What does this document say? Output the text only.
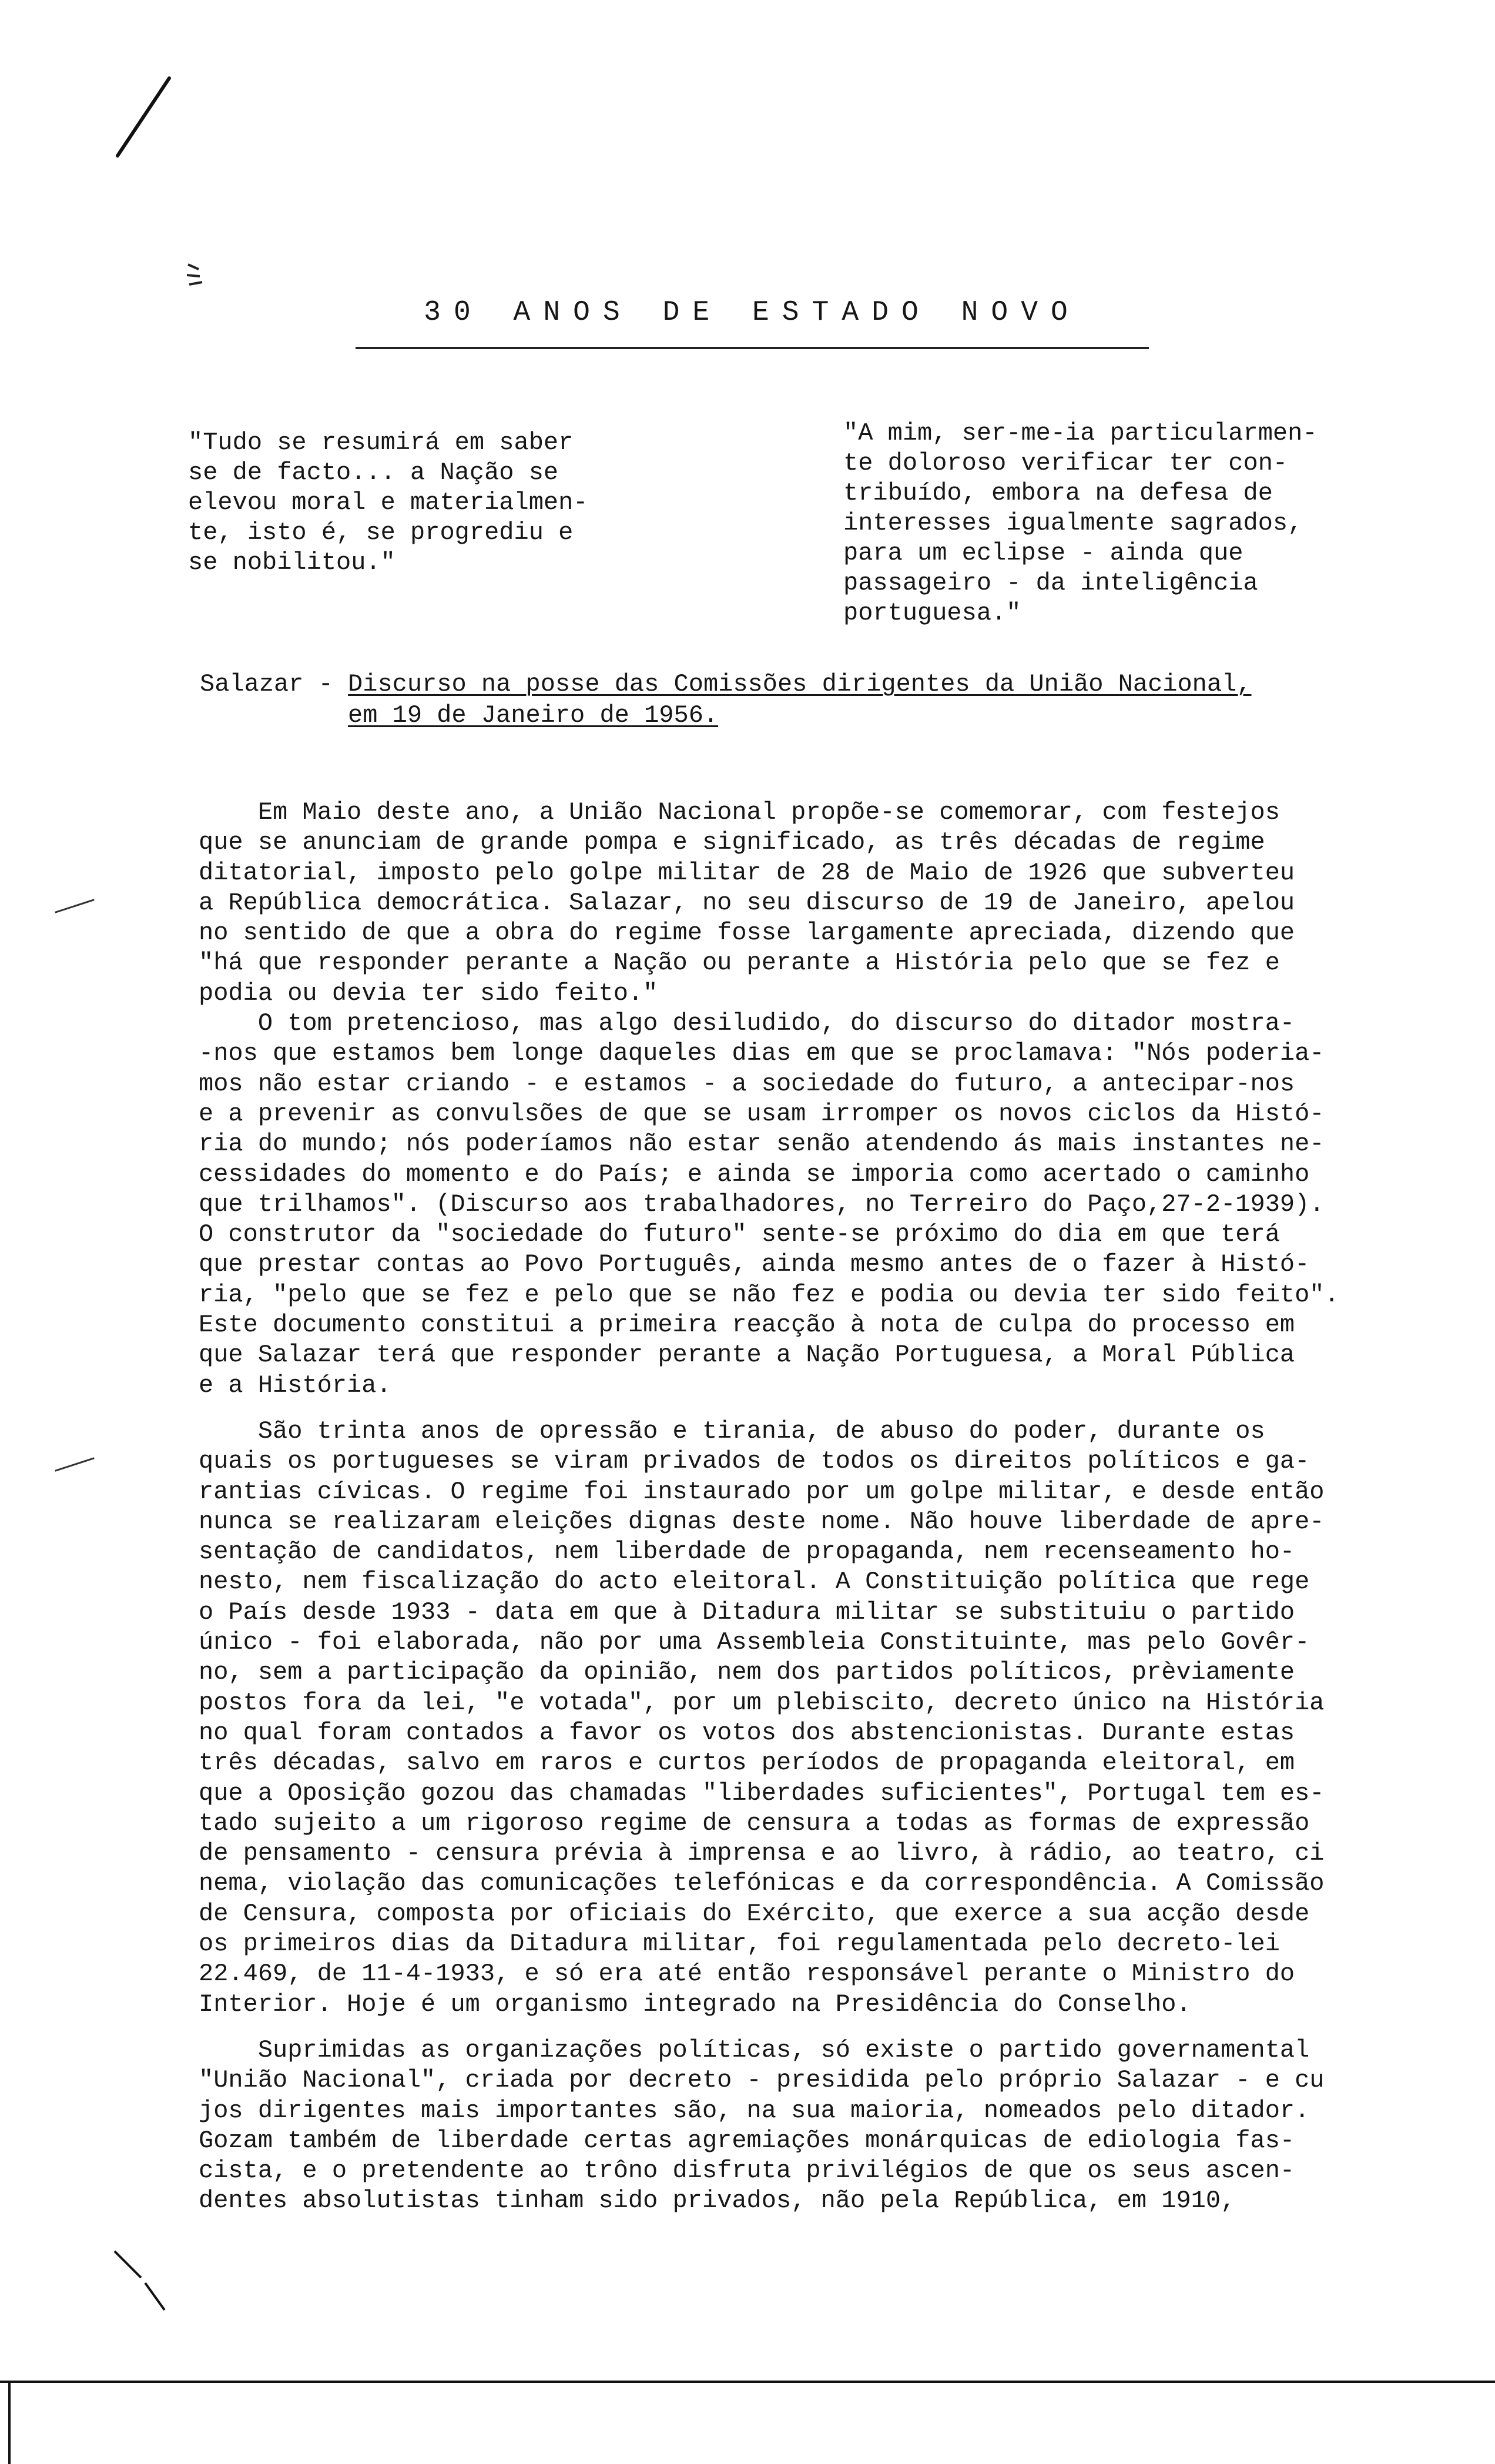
30 ANOS DE ESTADO NOVO
"Tudo se resumirá em saber
se de facto... a Nação se
elevou moral e materialmen-
te, isto é, se progrediu e
se nobilitou."
"A mim, ser-me-ia particularmen-
te doloroso verificar ter con-
tribuído, embora na defesa de
interesses igualmente sagrados,
para um eclipse - ainda que
passageiro - da inteligência
portuguesa."
Salazar - Discurso na posse das Comissões dirigentes da União Nacional,
em 19 de Janeiro de 1956.
Em Maio deste ano, a União Nacional propõe-se comemorar, com festejos
que se anunciam de grande pompa e significado, as três décadas de regime
ditatorial, imposto pelo golpe militar de 28 de Maio de 1926 que subverteu
a República democrática. Salazar, no seu discurso de 19 de Janeiro, apelou
no sentido de que a obra do regime fosse largamente apreciada, dizendo que
"há que responder perante a Nação ou perante a História pelo que se fez e
podia ou devia ter sido feito."
O tom pretencioso, mas algo desiludido, do discurso do ditador mostra-
-nos que estamos bem longe daqueles dias em que se proclamava: "Nós poderia-
mos não estar criando - e estamos - a sociedade do futuro, a antecipar-nos
e a prevenir as convulsões de que se usam irromper os novos ciclos da Histó-
ria do mundo; nós poderíamos não estar senão atendendo ás mais instantes ne-
cessidades do momento e do País; e ainda se imporia como acertado o caminho
que trilhamos". (Discurso aos trabalhadores, no Terreiro do Paço,27-2-1939).
O construtor da "sociedade do futuro" sente-se próximo do dia em que terá
que prestar contas ao Povo Português, ainda mesmo antes de o fazer à Histó-
ria, "pelo que se fez e pelo que se não fez e podia ou devia ter sido feito".
Este documento constitui a primeira reacção à nota de culpa do processo em
que Salazar terá que responder perante a Nação Portuguesa, a Moral Pública
e a História.
São trinta anos de opressão e tirania, de abuso do poder, durante os
quais os portugueses se viram privados de todos os direitos políticos e ga-
rantias cívicas. O regime foi instaurado por um golpe militar, e desde então
nunca se realizaram eleições dignas deste nome. Não houve liberdade de apre-
sentação de candidatos, nem liberdade de propaganda, nem recenseamento ho-
nesto, nem fiscalização do acto eleitoral. A Constituição política que rege
o País desde 1933 - data em que à Ditadura militar se substituiu o partido
único - foi elaborada, não por uma Assembleia Constituinte, mas pelo Govêr-
no, sem a participação da opinião, nem dos partidos políticos, prèviamente
postos fora da lei, "e votada", por um plebiscito, decreto único na História
no qual foram contados a favor os votos dos abstencionistas. Durante estas
três décadas, salvo em raros e curtos períodos de propaganda eleitoral, em
que a Oposição gozou das chamadas "liberdades suficientes", Portugal tem es-
tado sujeito a um rigoroso regime de censura a todas as formas de expressão
de pensamento - censura prévia à imprensa e ao livro, à rádio, ao teatro, ci
nema, violação das comunicações telefónicas e da correspondência. A Comissão
de Censura, composta por oficiais do Exército, que exerce a sua acção desde
os primeiros dias da Ditadura militar, foi regulamentada pelo decreto-lei
22.469, de 11-4-1933, e só era até então responsável perante o Ministro do
Interior. Hoje é um organismo integrado na Presidência do Conselho.
Suprimidas as organizações políticas, só existe o partido governamental
"União Nacional", criada por decreto - presidida pelo próprio Salazar - e cu
jos dirigentes mais importantes são, na sua maioria, nomeados pelo ditador.
Gozam também de liberdade certas agremiações monárquicas de ediologia fas-
cista, e o pretendente ao trôno disfruta privilégios de que os seus ascen-
dentes absolutistas tinham sido privados, não pela República, em 1910,
